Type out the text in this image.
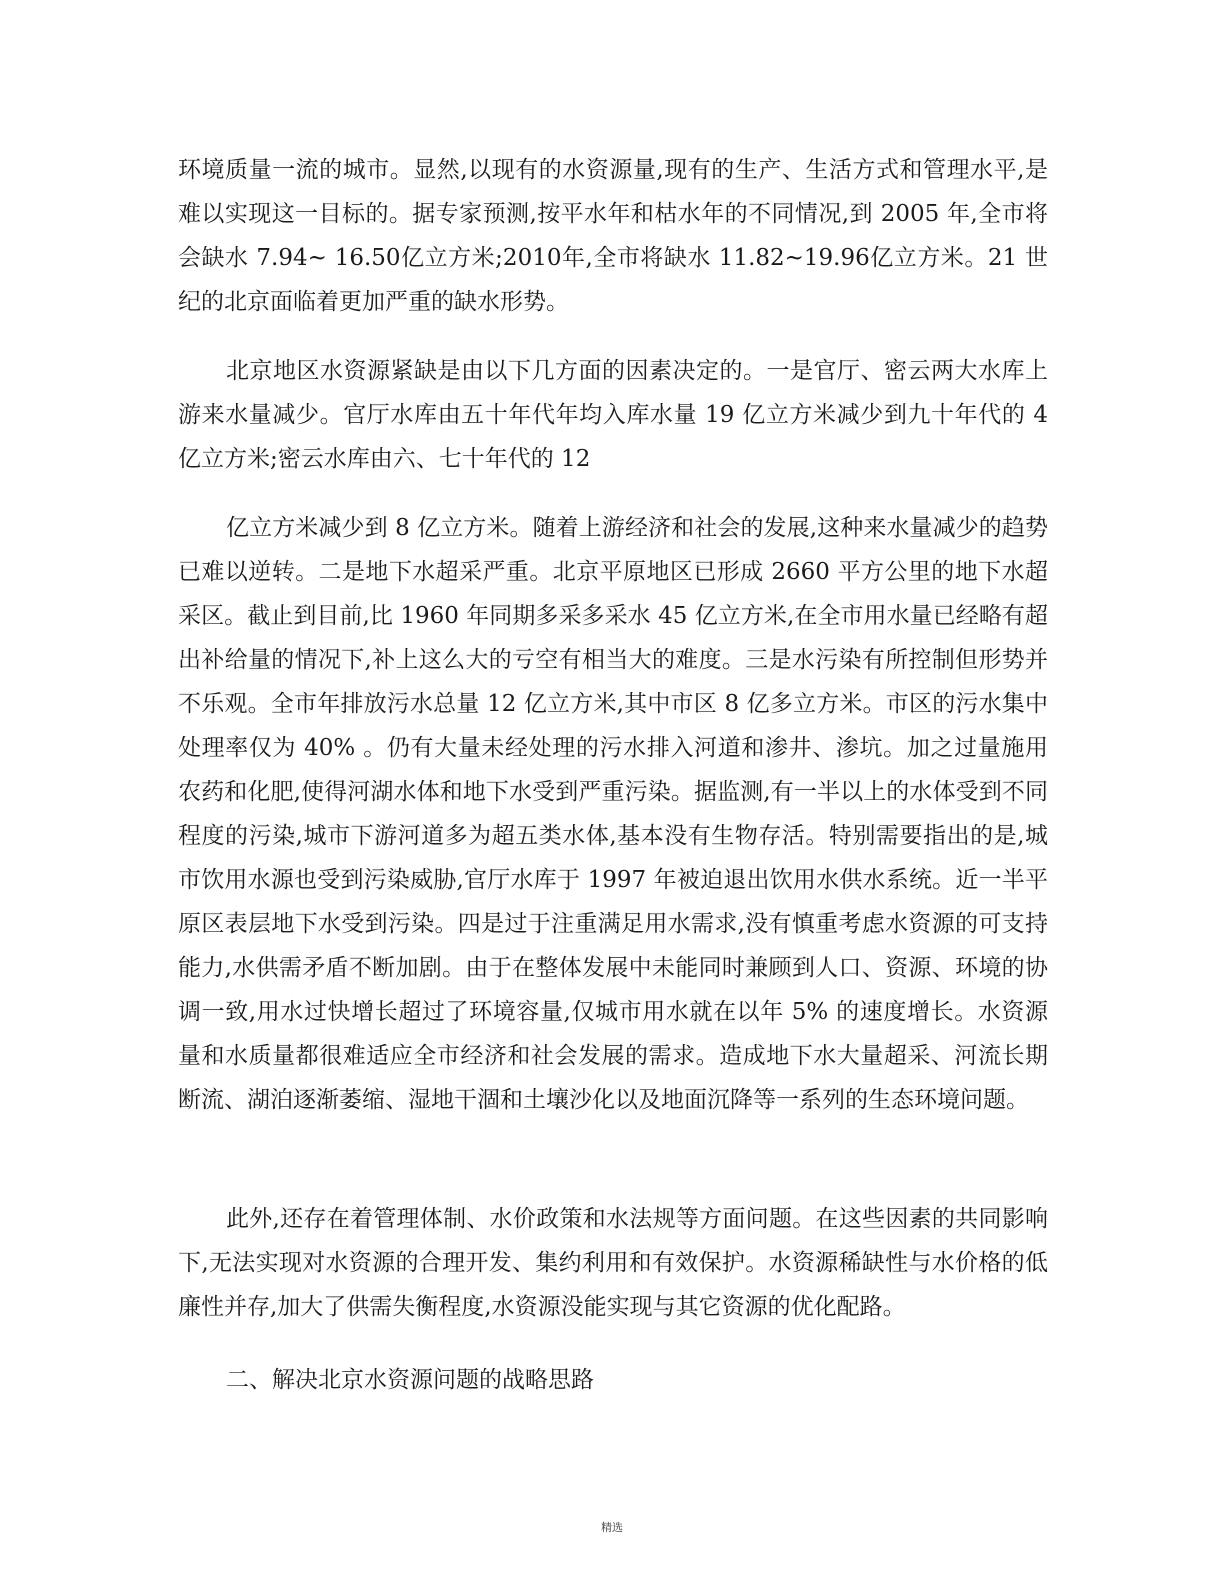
环境质量一流的城市。显然,以现有的水资源量,现有的生产、生活方式和管理水平,是难以实现这一目标的。据专家预测,按平水年和枯水年的不同情况,到 2005 年,全市将会缺水 7.94~ 16.50亿立方米;2010年,全市将缺水 11.82~19.96亿立方米。21 世纪的北京面临着更加严重的缺水形势。

北京地区水资源紧缺是由以下几方面的因素决定的。一是官厅、密云两大水库上游来水量减少。官厅水库由五十年代年均入库水量 19 亿立方米减少到九十年代的 4 亿立方米;密云水库由六、七十年代的 12

亿立方米减少到 8 亿立方米。随着上游经济和社会的发展,这种来水量减少的趋势已难以逆转。二是地下水超采严重。北京平原地区已形成 2660 平方公里的地下水超采区。截止到目前,比 1960 年同期多采多采水 45 亿立方米,在全市用水量已经略有超出补给量的情况下,补上这么大的亏空有相当大的难度。三是水污染有所控制但形势并不乐观。全市年排放污水总量 12 亿立方米,其中市区 8 亿多立方米。市区的污水集中处理率仅为 40% 。仍有大量未经处理的污水排入河道和渗井、渗坑。加之过量施用农药和化肥,使得河湖水体和地下水受到严重污染。据监测,有一半以上的水体受到不同程度的污染,城市下游河道多为超五类水体,基本没有生物存活。特别需要指出的是,城市饮用水源也受到污染威胁,官厅水库于 1997 年被迫退出饮用水供水系统。近一半平原区表层地下水受到污染。四是过于注重满足用水需求,没有慎重考虑水资源的可支持能力,水供需矛盾不断加剧。由于在整体发展中未能同时兼顾到人口、资源、环境的协调一致,用水过快增长超过了环境容量,仅城市用水就在以年 5% 的速度增长。水资源量和水质量都很难适应全市经济和社会发展的需求。造成地下水大量超采、河流长期断流、湖泊逐渐萎缩、湿地干涸和土壤沙化以及地面沉降等一系列的生态环境问题。

此外,还存在着管理体制、水价政策和水法规等方面问题。在这些因素的共同影响下,无法实现对水资源的合理开发、集约利用和有效保护。水资源稀缺性与水价格的低廉性并存,加大了供需失衡程度,水资源没能实现与其它资源的优化配路。

二、解决北京水资源问题的战略思路

精选
